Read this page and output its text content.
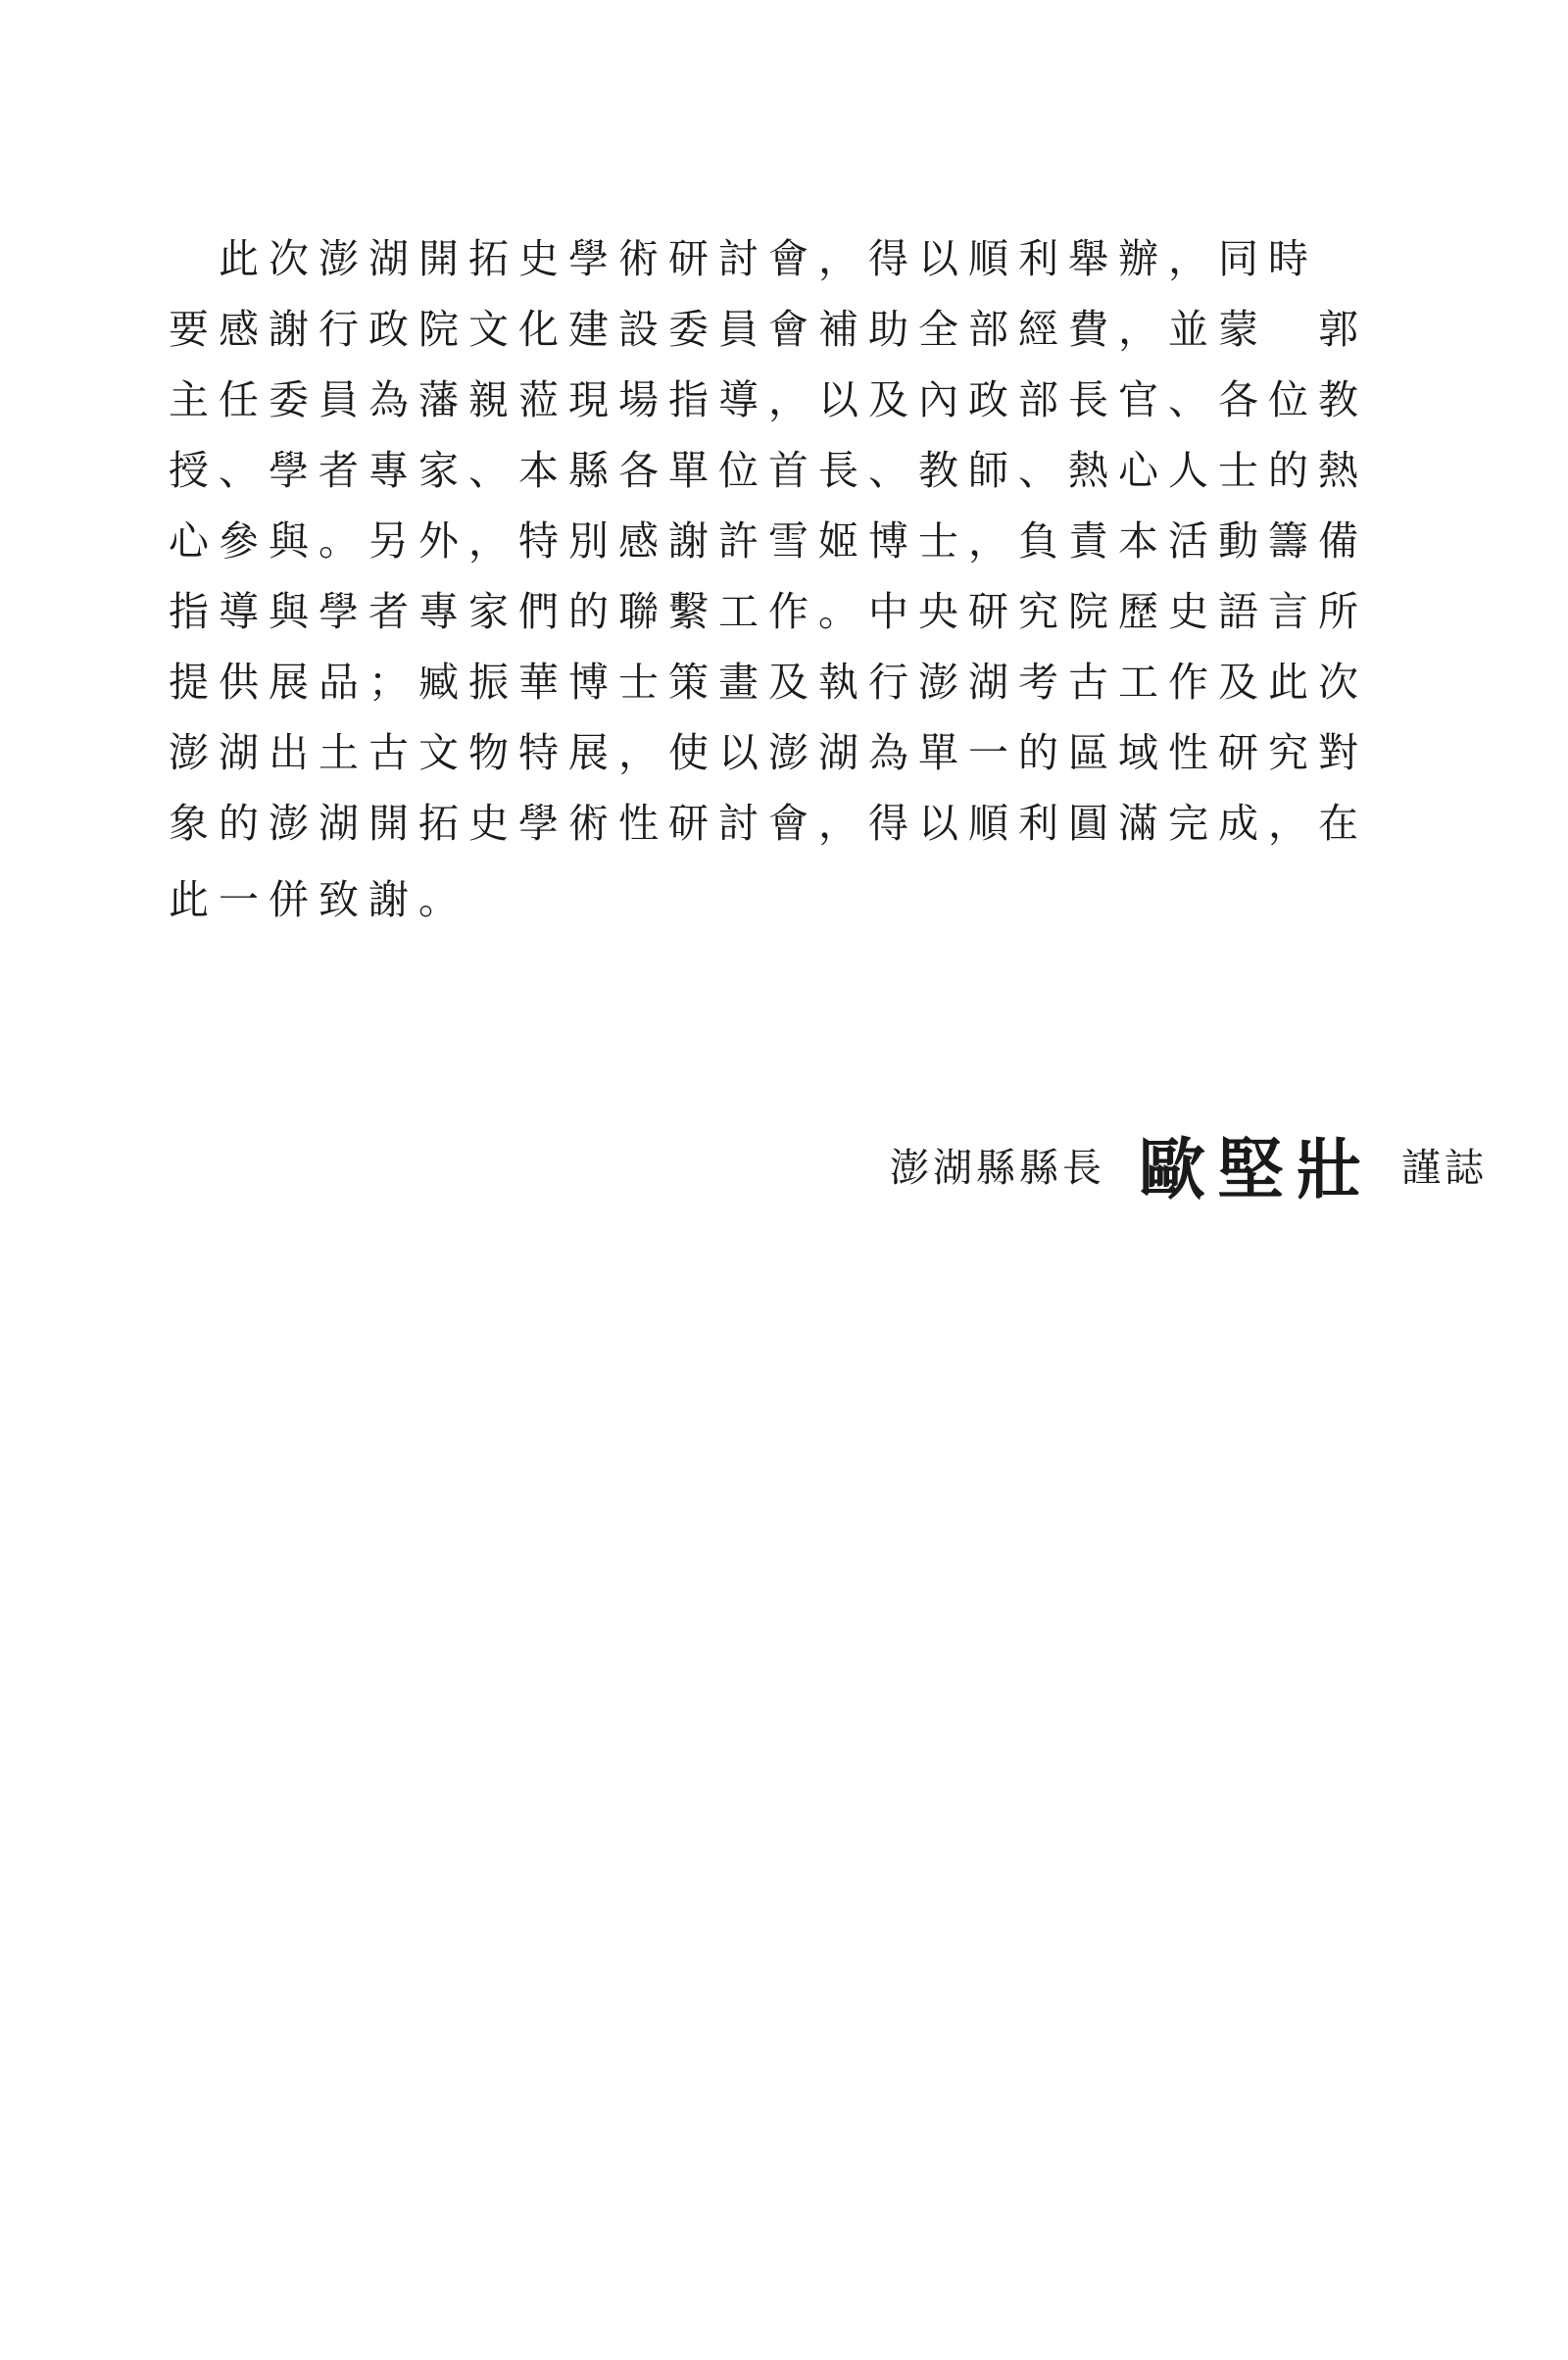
　此次澎湖開拓史學術研討會，得以順利舉辦，同時
要感謝行政院文化建設委員會補助全部經費，並蒙　郭
主任委員為藩親蒞現場指導，以及內政部長官、各位教
授、學者專家、本縣各單位首長、教師、熱心人士的熱
心參與。另外，特別感謝許雪姬博士，負責本活動籌備
指導與學者專家們的聯繫工作。中央研究院歷史語言所
提供展品；臧振華博士策畫及執行澎湖考古工作及此次
澎湖出土古文物特展，使以澎湖為單一的區域性研究對
象的澎湖開拓史學術性研討會，得以順利圓滿完成，在
此一併致謝。
澎湖縣縣長 歐堅壯 謹誌
